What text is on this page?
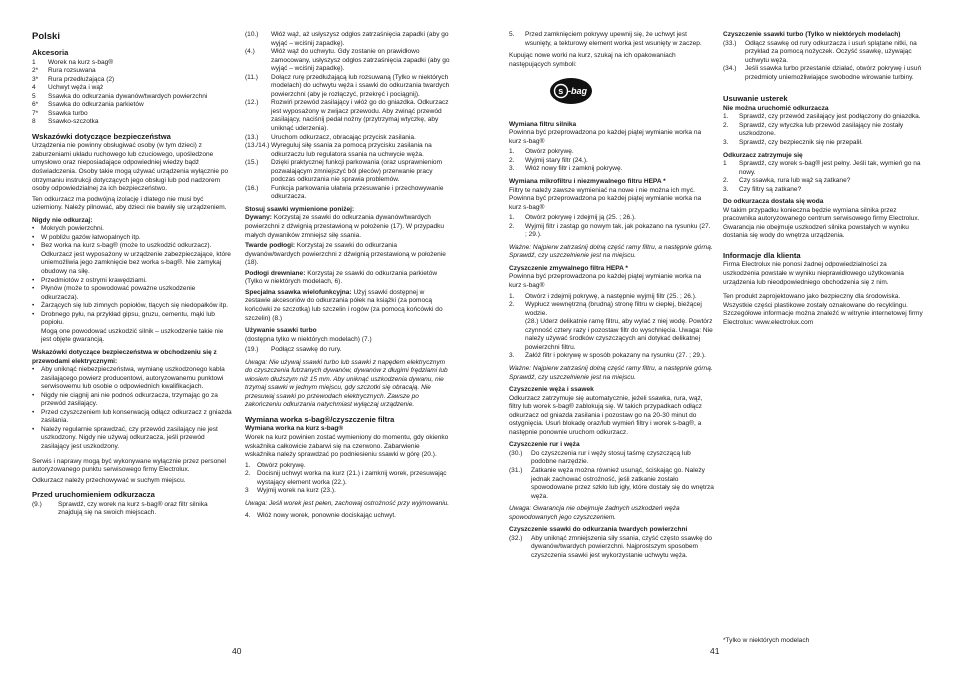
Polski
Akcesoria
1	Worek na kurz s-bag®
2*	Rura rozsuwana
3*	Rura przedłużająca (2)
4	Uchwyt węża i wąż
5	Ssawka do odkurzania dywanów/twardych powierzchni
6*	Ssawka do odkurzania parkietów
7*	Ssawka turbo
8	Ssawko-szczotka
Wskazówki dotyczące bezpieczeństwa

Urządzenia nie powinny obsługiwać osoby (w tym dzieci) z zaburzeniami układu ruchowego lub czuciowego, upośledzone umysłowo oraz nieposiadające odpowiedniej wiedzy bądź doświadczenia. Osoby takie mogą używać urządzenia wyłącznie po otrzymaniu instrukcji dotyczących jego obsługi lub pod nadzorem osoby odpowiedzialnej za ich bezpieczeństwo.

Ten odkurzacz ma podwójną izolację i dlatego nie musi być uziemiony. Należy pilnować, aby dzieci nie bawiły się urządzeniem.

Nigdy nie odkurzaj:
•	Mokrych powierzchni.
•	W pobliżu gazów łatwopalnych itp.
•	Bez worka na kurz s-bag® (może to uszkodzić odkurzacz). Odkurzacz jest wyposażony w urządzenie zabezpieczające, które uniemożliwia jego zamknięcie bez worka s-bag®. Nie zamykaj obudowy na siłę.
•	Przedmiotów z ostrymi krawędziami.
•	Płynów (może to spowodować poważne uszkodzenie odkurzacza).
•	Żarzących się lub zimnych popiołów, tlących się niedopałków itp.
•	Drobnego pyłu, na przykład gipsu, gruzu, cementu, mąki lub popiołu.

Mogą one powodować uszkodzić silnik – uszkodzenie takie nie jest objęte gwarancją.

Wskazówki dotyczące bezpieczeństwa w obchodzeniu się z przewodami elektrycznymi:
•	Aby uniknąć niebezpieczeństwa, wymianę uszkodzonego kabla zasilającego powierz producentowi, autoryzowanemu punktowi serwisowemu lub osobie o odpowiednich kwalifikacjach.
•	Nigdy nie ciągnij ani nie podnoś odkurzacza, trzymając go za przewód zasilający.
•	Przed czyszczeniem lub konserwacją odłącz odkurzacz z gniazda zasilania.
•	Należy regularnie sprawdzać, czy przewód zasilający nie jest uszkodzony. Nigdy nie używaj odkurzacza, jeśli przewód zasilający jest uszkodzony.

Serwis i naprawy mogą być wykonywane wyłącznie przez personel autoryzowanego punktu serwisowego firmy Electrolux.

Odkurzacz należy przechowywać w suchym miejscu.

Przed uruchomieniem odkurzacza
(9.)	Sprawdź, czy worek na kurz s-bag® oraz filtr silnika znajdują się na swoich miejscach.
(10.)	Włóż wąż, aż usłyszysz odgłos zatrzaśnięcia zapadki (aby go wyjąć – wciśnij zapadkę).
(4.)	Włóż wąż do uchwytu. Gdy zostanie on prawidłowo zamocowany, usłyszysz odgłos zatrzaśnięcia zapadki (aby go wyjąć – wciśnij zapadkę).
(11.)	Dołącz rurę przedłużającą lub rozsuwaną (Tylko w niektórych modelach) do uchwytu węża i ssawki do odkurzania twardych powierzchni (aby je rozłączyć, przekręć i pociągnij).
(12.)	Rozwiń przewód zasilający i włóż go do gniazdka. Odkurzacz jest wyposażony w zwijacz przewodu. Aby zwinąć przewód zasilający, naciśnij pedał nożny (przytrzymaj wtyczkę, aby uniknąć uderzenia).
(13.)	Uruchom odkurzacz, obracając przycisk zasilania.
(13./14.) Wyreguluj siłę ssania za pomocą przycisku zasilania na odkurzaczu lub regulatora ssania na uchwycie węża.
(15.)	Dzięki praktycznej funkcji parkowania (oraz usprawnieniom pozwalającym zmniejszyć ból pleców) przerwanie pracy podczas odkurzania nie sprawia problemów.
(16.)	Funkcja parkowania ułatwia przesuwanie i przechowywanie odkurzacza.
Stosuj ssawki wymienione poniżej:

Dywany: Korzystaj ze ssawki do odkurzania dywanów/twardych powierzchni z dźwignią przestawioną w położenie (17). W przypadku małych dywaników zmniejsz siłę ssania.

Twarde podłogi: Korzystaj ze ssawki do odkurzania dywanów/twardych powierzchni z dźwignią przestawioną w położenie (18).

Podłogi drewniane: Korzystaj ze ssawki do odkurzania parkietów (Tylko w niektórych modelach, 6).

Specjalna ssawka wielofunkcyjna: Użyj ssawki dostępnej w zestawie akcesoriów do odkurzania półek na książki (za pomocą końcówki ze szczotką) lub szczelin i rogów (za pomocą końcówki do szczelin) (8.)

Używanie ssawki turbo

(dostępna tylko w niektórych modelach) (7.)

(19.)	Podłącz ssawkę do rury.

Uwaga: Nie używaj ssawki turbo lub ssawki z napędem elektrycznym do czyszczenia futrzanych dywanów, dywanów z długimi frędzlami lub włosiem dłuższym niż 15 mm. Aby uniknąć uszkodzenia dywanu, nie trzymaj ssawki w jednym miejscu, gdy szczotki się obracają. Nie przesuwaj ssawki po przewodach elektrycznych. Zawsze po zakończeniu odkurzania natychmiast wyłączaj urządzenie.

Wymiana worka s-bag®/czyszczenie filtra
Wymiana worka na kurz s-bag®

Worek na kurz powinien zostać wymieniony do momentu, gdy okienko wskaźnika całkowicie zabarwi się na czerwono. Zabarwienie wskaźnika należy sprawdzać po podniesieniu ssawki w górę (20.).

1. Otwórz pokrywę.
2. Docisnij uchwyt worka na kurz (21.) i zamknij worek, przesuwając wystający element worka (22.).
3	Wyjmij worek na kurz (23.).

Uwaga: Jeśli worek jest pełen, zachowaj ostrożność przy wyjmowaniu.

4. Włóż nowy worek, ponownie dociskając uchwyt.
5.	Przed zamknięciem pokrywy upewnij się, że uchwyt jest wsunięty, a tekturowy element worka jest wsunięty w zaczep.

Kupując nowe worki na kurz, szukaj na ich opakowaniach następujących symboli:

s -bag
Wymiana filtru silnika

Powinna być przeprowadzona po każdej piątej wymianie worka na kurz s-bag®

1.	Otwórz pokrywę.
2.	Wyjmij stary filtr (24.).
3.	Włóż nowy filtr i zamknij pokrywę.
Wymiana mikrofiltru i niezmywalnego filtru HEPA *

Filtry te należy zawsze wymieniać na nowe i nie można ich myć. Powinna być przeprowadzona po każdej piątej wymianie worka na kurz s-bag®

1.	Otwórz pokrywę i zdejmij ją (25. ; 26.).
2.	Wyjmij filtr i zastąp go nowym tak, jak pokazano na rysunku (27. ; 29.).

Ważne: Najpierw zatrzaśnij dolną część ramy filtru, a następnie górną. Sprawdź, czy uszczelnienie jest na miejscu.

Czyszczenie zmywalnego filtra HEPA *

Powinna być przeprowadzona po każdej piątej wymianie worka na kurz s-bag®

1.	Otwórz i zdejmij pokrywę, a następnie wyjmij filtr (25. ; 26.).
2.	Wypłucz wewnętrzną (brudną) stronę filtru w ciepłej, bieżącej wodzie.
(28.) Uderz delikatnie ramę filtru, aby wylać z niej wodę. Powtórz czynność cztery razy i pozostaw filtr do wyschnięcia. Uwaga: Nie należy używać środków czyszczących ani dotykać delikatnej powierzchni filtru.
3.	Załóż filtr i pokrywę w sposób pokazany na rysunku (27. ; 29.).

Ważne: Najpierw zatrzaśnij dolną część ramy filtru, a następnie górną. Sprawdź, czy uszczelnienie jest na miejscu.

Czyszczenie węża i ssawek

Odkurzacz zatrzymuje się automatycznie, jeżeli ssawka, rura, wąż, filtry lub worek s-bag® zablokują się. W takich przypadkach odłącz odkurzacz od gniazda zasilania i pozostaw go na 20-30 minut do ostygnięcia. Usuń blokadę oraz/lub wymień filtry i worek s-bag®, a następnie ponownie uruchom odkurzacz.

Czyszczenie rur i węża
(30.)	Do czyszczenia rur i węży stosuj taśmę czyszczącą lub podobne narzędzie.
(31.)	Zatkanie węża można również usunąć, ściskając go. Należy jednak zachować ostrożność, jeśli zatkanie zostało spowodowane przez szkło lub igły, które dostały się do wnętrza węża.

Uwaga: Gwarancja nie obejmuje żadnych uszkodzeń węża spowodowanych jego czyszczeniem.

Czyszczenie ssawki do odkurzania twardych powierzchni
(32.)	Aby uniknąć zmniejszenia siły ssania, czyść często ssawkę do dywanów/twardych powierzchni. Najprostszym sposobem czyszczenia ssawki jest wykorzystanie uchwytu węża.
Czyszczenie ssawki turbo (Tylko w niektórych modelach)
(33.)	Odłącz ssawkę od rury odkurzacza i usuń splątane nitki, na przykład za pomocą nożyczek. Oczyść ssawkę, używając uchwytu węża.
(34.)	Jeśli ssawka turbo przestanie działać, otwórz pokrywę i usuń przedmioty uniemożliwiające swobodne wirowanie turbiny.
Usuwanie usterek
Nie można uruchomić odkurzacza
1.	Sprawdź, czy przewód zasilający jest podłączony do gniazdka.
2.	Sprawdź, czy wtyczka lub przewód zasilający nie zostały uszkodzone.
3.	Sprawdź, czy bezpiecznik się nie przepalił.
Odkurzacz zatrzymuje się
1	Sprawdź, czy worek s-bag® jest pełny. Jeśli tak, wymień go na nowy.
2.	Czy ssawka, rura lub wąż są zatkane?
3.	Czy filtry są zatkane?
Do odkurzacza dostała się woda

W takim przypadku konieczna będzie wymiana silnika przez pracownika autoryzowanego centrum serwisowego firmy Electrolux. Gwarancja nie obejmuje uszkodzeń silnika powstałych w wyniku dostania się wody do wnętrza urządzenia.

Informacje dla klienta

Firma Electrolux nie ponosi żadnej odpowiedzialności za uszkodzenia powstałe w wyniku nieprawidłowego użytkowania urządzenia lub nieodpowiedniego obchodzenia się z nim.

Ten produkt zaprojektowano jako bezpieczny dla środowiska. Wszystkie części plastikowe zostały oznakowane do recyklingu. Szczegółowe informacje można znaleźć w witrynie internetowej firmy Electrolux: www.electrolux.com

*Tylko w niektórych modelach
40	41
